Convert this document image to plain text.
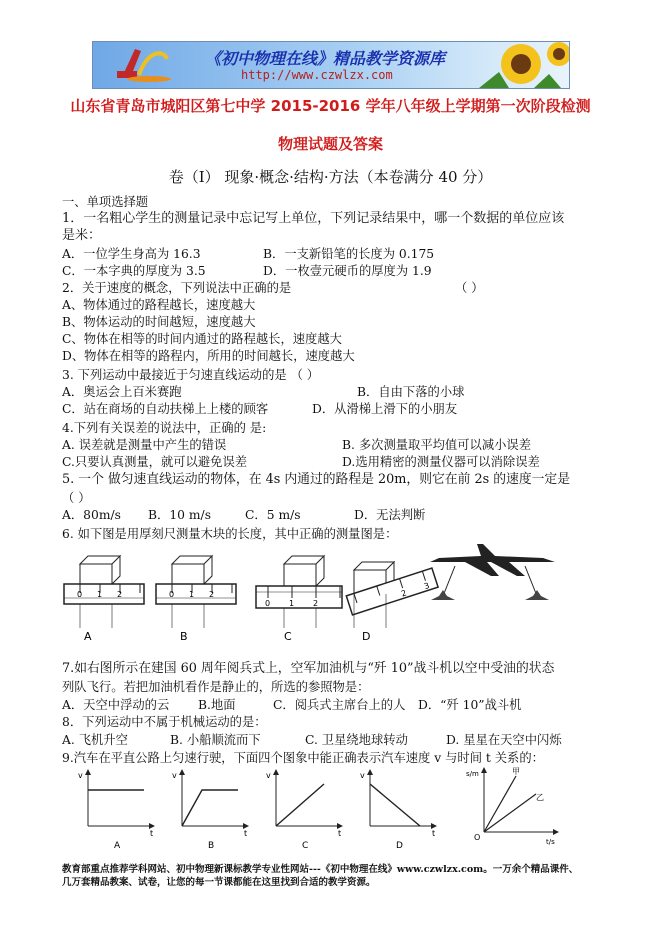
《初中物理在线》精品教学资源库
http://www.czwlzx.com
山东省青岛市城阳区第七中学 2015-2016 学年八年级上学期第一次阶段检测
物理试题及答案
卷（Ⅰ） 现象·概念·结构·方法（本卷满分 40 分）
一、单项选择题
1．一名粗心学生的测量记录中忘记写上单位，下列记录结果中，哪一个数据的单位应该
是米：
A．一位学生身高为 16.3	B．一支新铅笔的长度为 0.175
C．一本字典的厚度为 3.5	D．一枚壹元硬币的厚度为 1.9
2．关于速度的概念，下列说法中正确的是	（ ）
A、物体通过的路程越长，速度越大
B、物体运动的时间越短，速度越大
C、物体在相等的时间内通过的路程越长，速度越大
D、物体在相等的路程内，所用的时间越长，速度越大
3. 下列运动中最接近于匀速直线运动的是 （ ）
A．奥运会上百米赛跑	B．自由下落的小球
C．站在商场的自动扶梯上上楼的顾客	D．从滑梯上滑下的小朋友
4.下列有关误差的说法中，正确的 是:
A. 误差就是测量中产生的错误	B. 多次测量取平均值可以减小误差
C.只要认真测量，就可以避免误差	D.选用精密的测量仪器可以消除误差
5. 一个 做匀速直线运动的物体，在 4s 内通过的路程是 20m，则它在前 2s 的速度一定是
（ ）
A．80m/s B．10 m/s	C．5 m/s	D．无法判断
6. 如下图是用厚刻尺测量木块的长度，其中正确的测量图是：
0 1 2
A
0 1 2
B
0 1 2
C
2
3
D
7.如右图所示在建国 60 周年阅兵式上，空军加油机与“歼 10”战斗机以空中受油的状态
列队飞行。若把加油机看作是静止的，所选的参照物是：
A．天空中浮动的云 B.地面	C．阅兵式主席台上的人 D．“歼 10”战斗机
8．下列运动中不属于机械运动的是：
A. 飞机升空	B. 小船顺流而下	C. 卫星绕地球转动	D. 星星在天空中闪烁
9.汽车在平直公路上匀速行驶，下面四个图象中能正确表示汽车速度 v 与时间 t 关系的：
v
t
A
v
t
B
v
t
C
v
t
D
s/m
t/s
O
甲
乙
教育部重点推荐学科网站、初中物理新课标教学专业性网站---《初中物理在线》www.czwlzx.com。一万余个精品课件、
几万套精品教案、试卷，让您的每一节课都能在这里找到合适的教学资源。
